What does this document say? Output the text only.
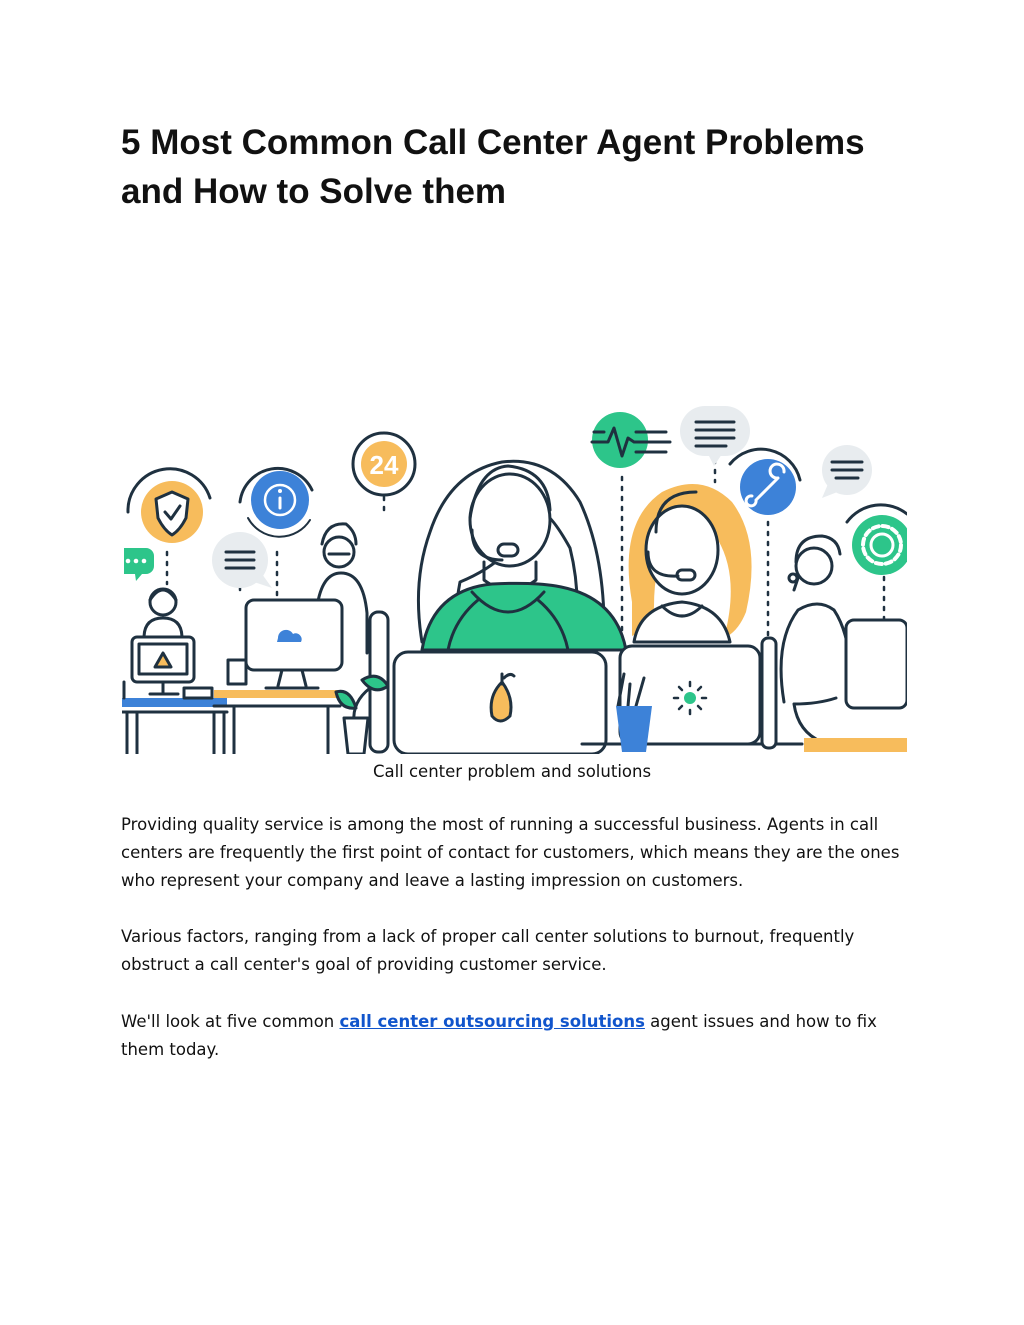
5 Most Common Call Center Agent Problems and How to Solve them
24
Call center problem and solutions

Providing quality service is among the most of running a successful business. Agents in call centers are frequently the first point of contact for customers, which means they are the ones who represent your company and leave a lasting impression on customers.

Various factors, ranging from a lack of proper call center solutions to burnout, frequently obstruct a call center's goal of providing customer service.

We'll look at five common call center outsourcing solutions agent issues and how to fix them today.
